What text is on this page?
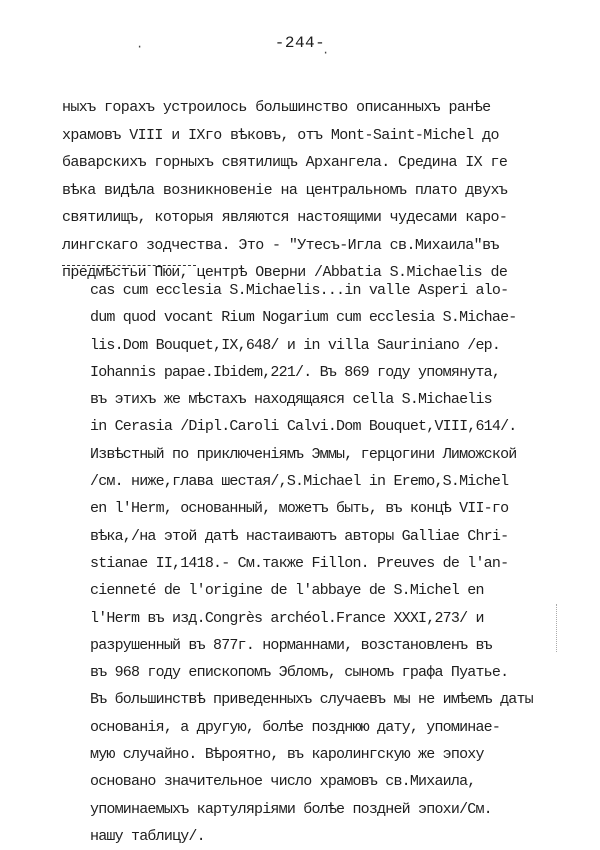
-244-
·	·
ныхъ горахъ устроилось большинство описанныхъ ранѣе
храмовъ VIII и IXго вѣковъ, отъ Mont-Saint-Michel до
баварскихъ горныхъ святилищъ Архангела. Средина IX ге
вѣка видѣла возникновеніе на центральномъ плато двухъ
святилищъ, которыя являются настоящими чудесами каро-
лингскаго зодчества. Это - "Утесъ-Игла св.Михаила"въ
предмѣстьи Пюи, центрѣ Оверни /Abbatia S.Michaelis de
cas cum ecclesia S.Michaelis...in valle Asperi alo-
dum quod vocant Rium Nogarium cum ecclesia S.Michae-
lis.Dom Bouquet,IX,648/ и in villa Sauriniano /ep.
Iohannis papae.Ibidem,221/. Въ 869 году упомянута,
въ этихъ же мѣстахъ находящаяся cella S.Michaelis
in Cerasia /Dipl.Caroli Calvi.Dom Bouquet,VIII,614/.
Извѣстный по приключеніямъ Эммы, герцогини Лиможской
/см. ниже,глава шестая/,S.Michael in Eremo,S.Michel
en l'Herm, основанный, можетъ быть, въ концѣ VII-го
вѣка,/на этой датѣ настаиваютъ авторы Galliae Chri-
stianae II,1418.- См.также Fillon. Preuves de l'an-
cienneté de l'origine de l'abbaye de S.Michel en
l'Herm въ изд.Congrès archéol.France XXXI,273/ и
разрушенный въ 877г. норманнами, возстановленъ въ
въ 968 году епископомъ Эбломъ, сыномъ графа Пуатье.
Въ большинствѣ приведенныхъ случаевъ мы не имѣемъ даты
основанія, а другую, болѣе позднюю дату, упоминае-
мую случайно. Вѣроятно, въ каролингскую же эпоху
основано значительное число храмовъ св.Михаила,
упоминаемыхъ картуляріями болѣе поздней эпохи/См.
нашу таблицу/.
